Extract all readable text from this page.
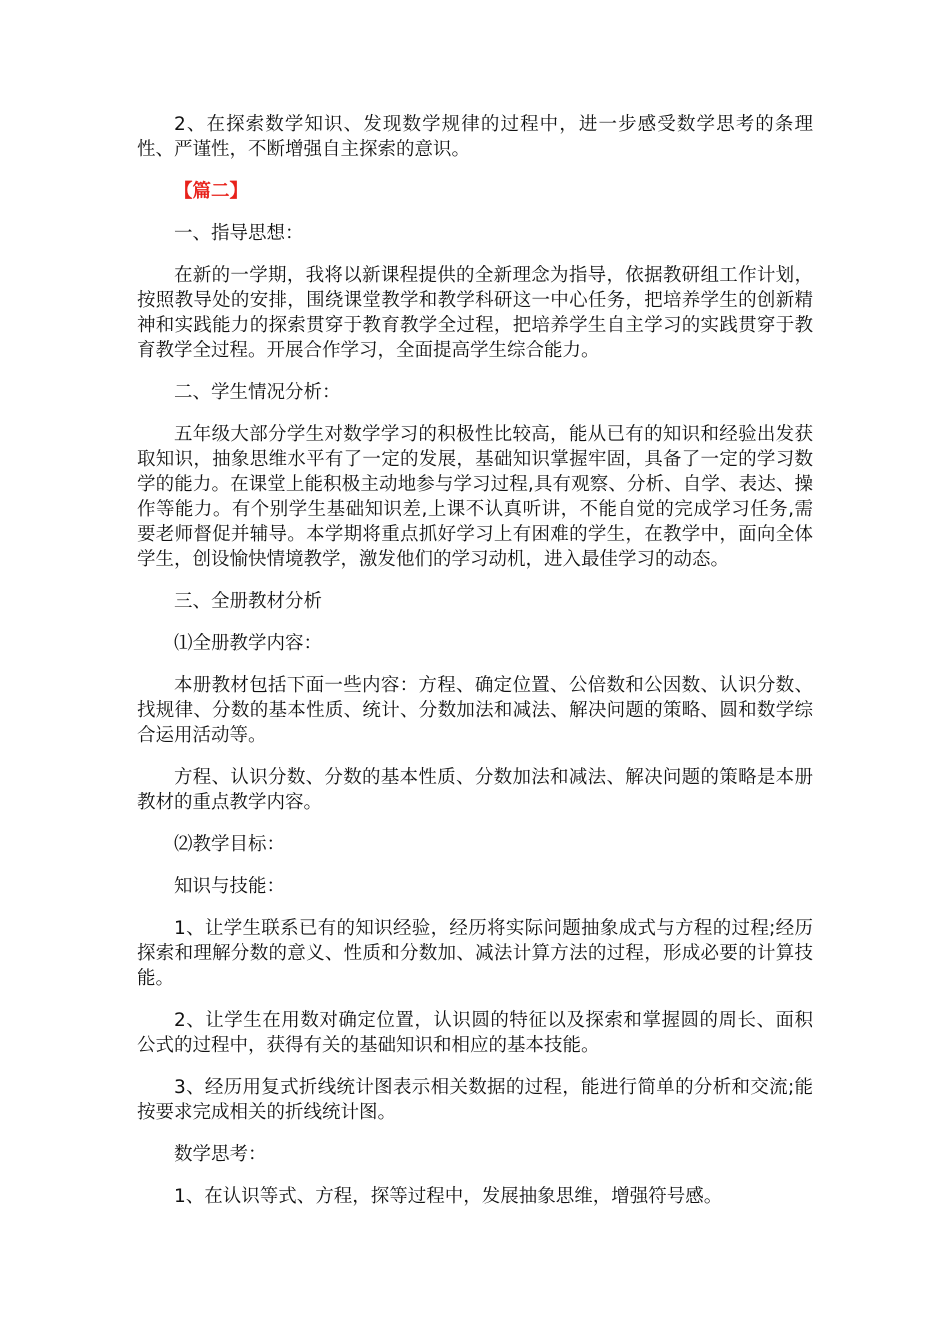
2、在探索数学知识、发现数学规律的过程中，进一步感受数学思考的条理性、严谨性，不断增强自主探索的意识。

【篇二】

一、指导思想：

在新的一学期，我将以新课程提供的全新理念为指导，依据教研组工作计划，按照教导处的安排，围绕课堂教学和教学科研这一中心任务，把培养学生的创新精神和实践能力的探索贯穿于教育教学全过程，把培养学生自主学习的实践贯穿于教育教学全过程。开展合作学习，全面提高学生综合能力。

二、学生情况分析：

五年级大部分学生对数学学习的积极性比较高，能从已有的知识和经验出发获取知识，抽象思维水平有了一定的发展，基础知识掌握牢固，具备了一定的学习数学的能力。在课堂上能积极主动地参与学习过程,具有观察、分析、自学、表达、操作等能力。有个别学生基础知识差,上课不认真听讲，不能自觉的完成学习任务,需要老师督促并辅导。本学期将重点抓好学习上有困难的学生，在教学中，面向全体学生，创设愉快情境教学，激发他们的学习动机，进入最佳学习的动态。

三、全册教材分析

⑴全册教学内容：

本册教材包括下面一些内容：方程、确定位置、公倍数和公因数、认识分数、找规律、分数的基本性质、统计、分数加法和减法、解决问题的策略、圆和数学综合运用活动等。

方程、认识分数、分数的基本性质、分数加法和减法、解决问题的策略是本册教材的重点教学内容。

⑵教学目标：

知识与技能：

1、让学生联系已有的知识经验，经历将实际问题抽象成式与方程的过程;经历探索和理解分数的意义、性质和分数加、减法计算方法的过程，形成必要的计算技能。

2、让学生在用数对确定位置，认识圆的特征以及探索和掌握圆的周长、面积公式的过程中，获得有关的基础知识和相应的基本技能。

3、经历用复式折线统计图表示相关数据的过程，能进行简单的分析和交流;能按要求完成相关的折线统计图。

数学思考：

1、在认识等式、方程，探等过程中，发展抽象思维，增强符号感。
